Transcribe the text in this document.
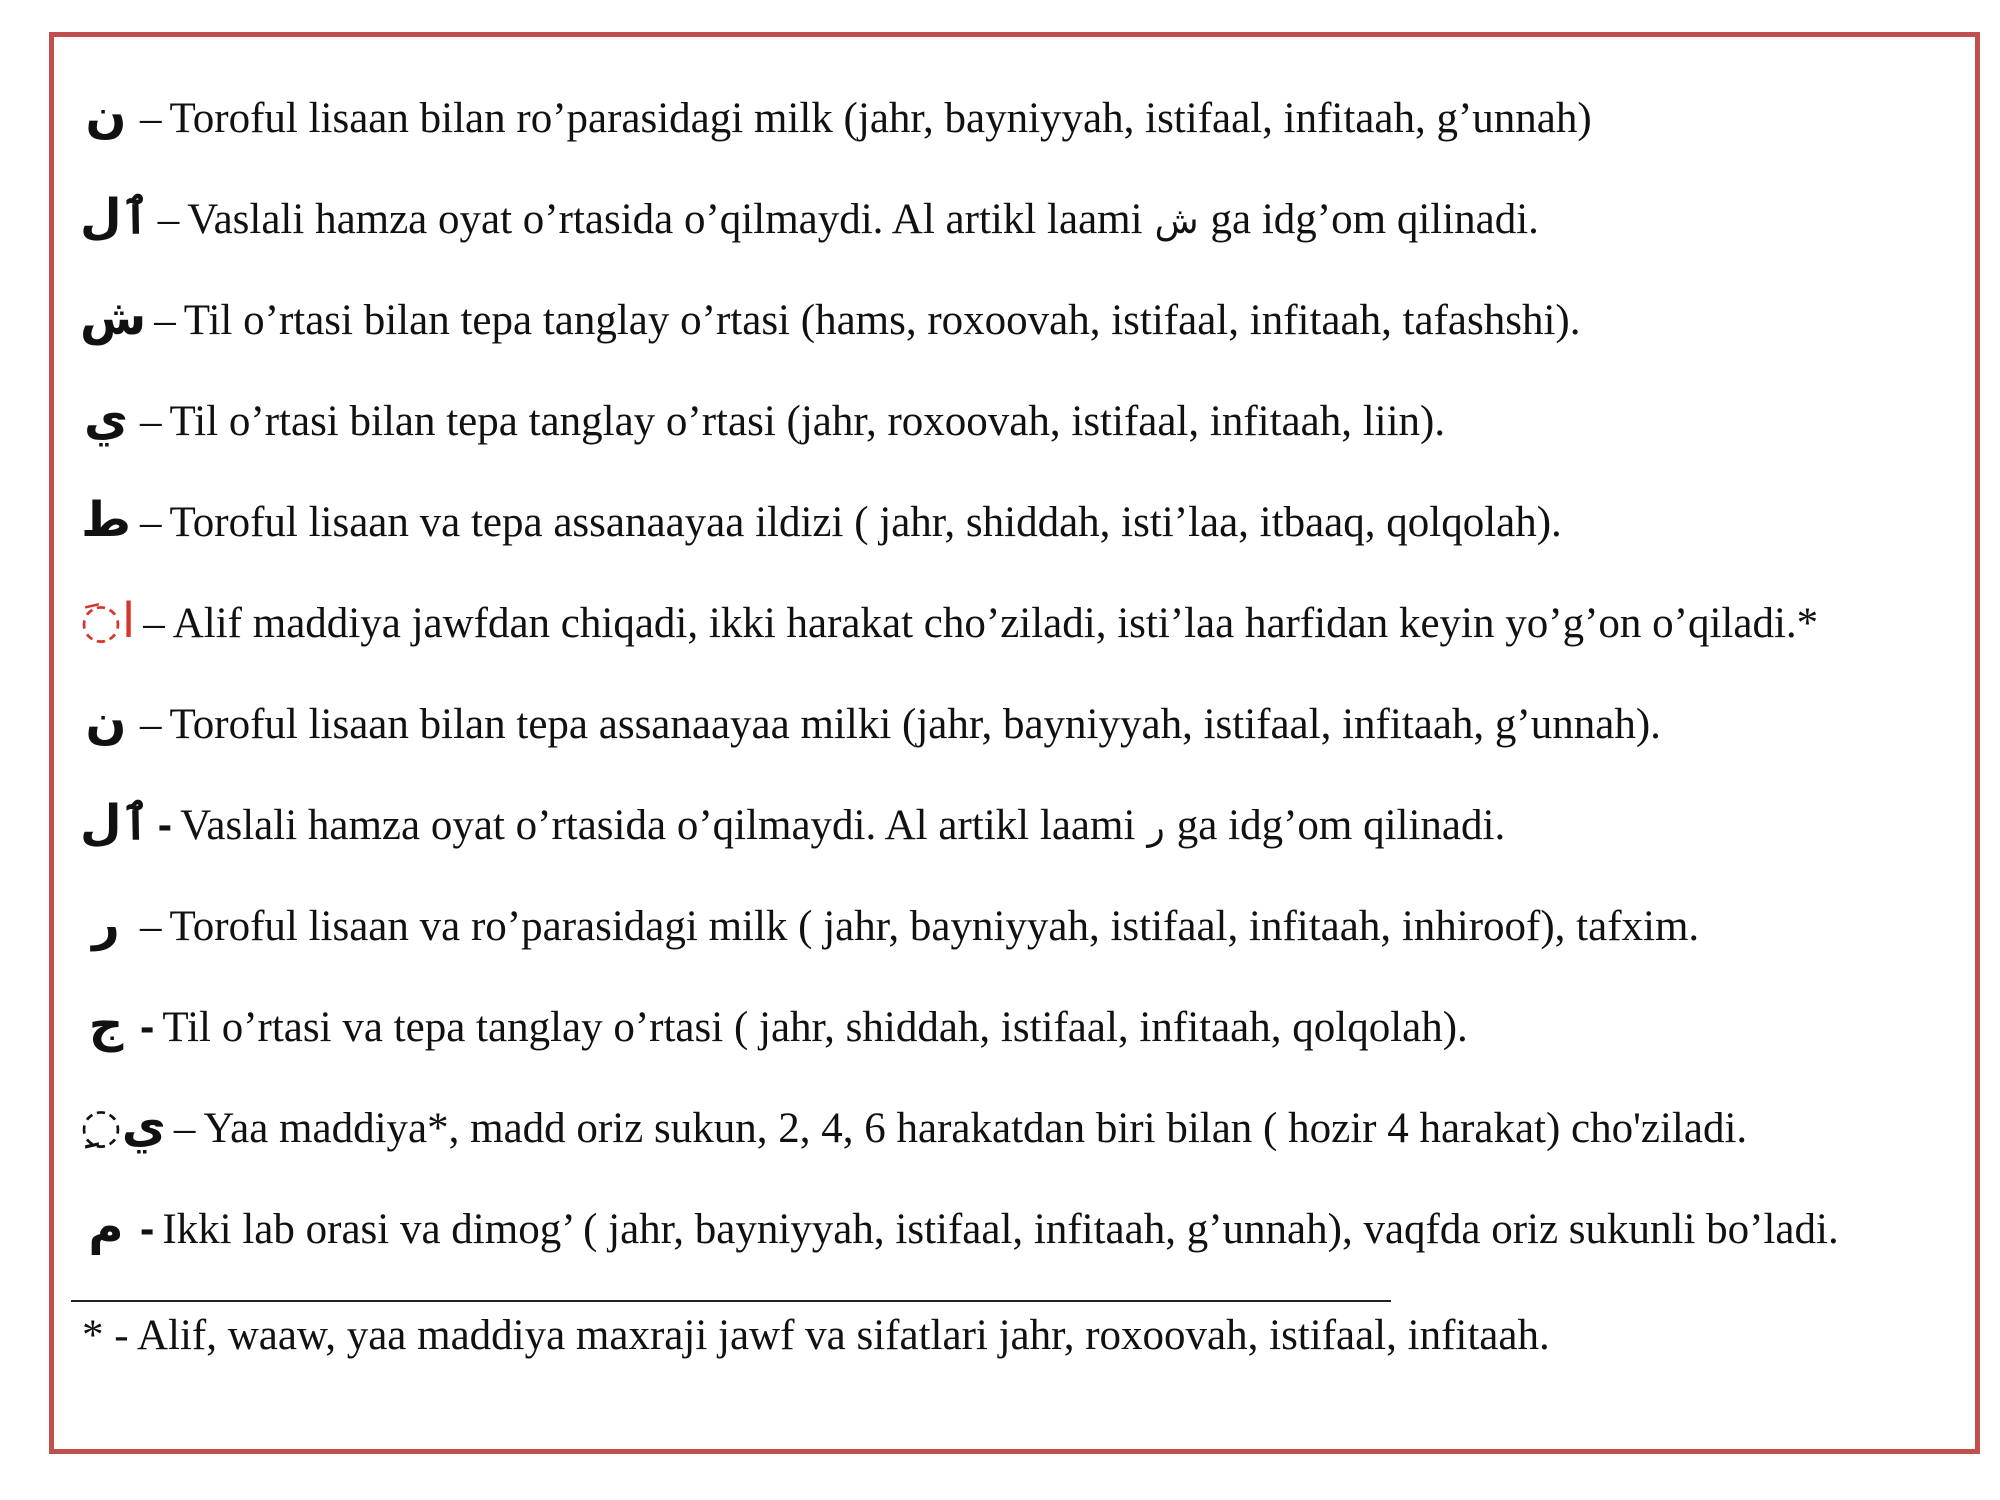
ن – Toroful lisaan bilan ro’parasidagi milk (jahr, bayniyyah, istifaal, infitaah, g’unnah)
ٱل – Vaslali hamza oyat o’rtasida o’qilmaydi. Al artikl laami ش ga idg’om qilinadi.
ش – Til o’rtasi bilan tepa tanglay o’rtasi (hams, roxoovah, istifaal, infitaah, tafashshi).
ي – Til o’rtasi bilan tepa tanglay o’rtasi (jahr, roxoovah, istifaal, infitaah, liin).
ط – Toroful lisaan va tepa assanaayaa ildizi ( jahr, shiddah, isti’laa, itbaaq, qolqolah).
◌َا – Alif maddiya jawfdan chiqadi, ikki harakat cho’ziladi, isti’laa harfidan keyin yo’g’on o’qiladi.*
ن – Toroful lisaan bilan tepa assanaayaa milki (jahr, bayniyyah, istifaal, infitaah, g’unnah).
ٱل - Vaslali hamza oyat o’rtasida o’qilmaydi. Al artikl laami ر ga idg’om qilinadi.
ر – Toroful lisaan va ro’parasidagi milk ( jahr, bayniyyah, istifaal, infitaah, inhiroof), tafxim.
ج - Til o’rtasi va tepa tanglay o’rtasi ( jahr, shiddah, istifaal, infitaah, qolqolah).
◌ِي – Yaa maddiya*, madd oriz sukun, 2, 4, 6 harakatdan biri bilan ( hozir 4 harakat) cho'ziladi.
م - Ikki lab orasi va dimog’ ( jahr, bayniyyah, istifaal, infitaah, g’unnah), vaqfda oriz sukunli bo’ladi.
* - Alif, waaw, yaa maddiya maxraji jawf va sifatlari jahr, roxoovah, istifaal, infitaah.
